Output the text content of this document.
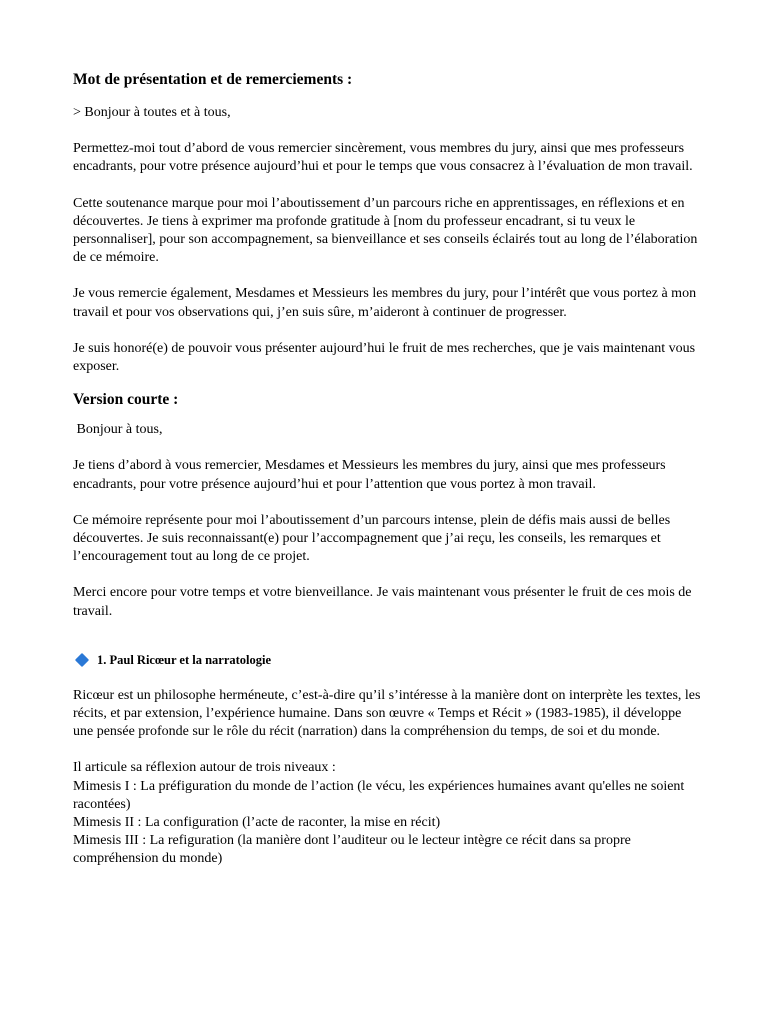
Mot de présentation et de remerciements :

> Bonjour à toutes et à tous,

Permettez-moi tout d’abord de vous remercier sincèrement, vous membres du jury, ainsi que mes professeurs encadrants, pour votre présence aujourd’hui et pour le temps que vous consacrez à l’évaluation de mon travail.

Cette soutenance marque pour moi l’aboutissement d’un parcours riche en apprentissages, en réflexions et en découvertes. Je tiens à exprimer ma profonde gratitude à [nom du professeur encadrant, si tu veux le personnaliser], pour son accompagnement, sa bienveillance et ses conseils éclairés tout au long de l’élaboration de ce mémoire.

Je vous remercie également, Mesdames et Messieurs les membres du jury, pour l’intérêt que vous portez à mon travail et pour vos observations qui, j’en suis sûre, m’aideront à continuer de progresser.

Je suis honoré(e) de pouvoir vous présenter aujourd’hui le fruit de mes recherches, que je vais maintenant vous exposer.

Version courte :

Bonjour à tous,

Je tiens d’abord à vous remercier, Mesdames et Messieurs les membres du jury, ainsi que mes professeurs encadrants, pour votre présence aujourd’hui et pour l’attention que vous portez à mon travail.

Ce mémoire représente pour moi l’aboutissement d’un parcours intense, plein de défis mais aussi de belles découvertes. Je suis reconnaissant(e) pour l’accompagnement que j’ai reçu, les conseils, les remarques et l’encouragement tout au long de ce projet.

Merci encore pour votre temps et votre bienveillance. Je vais maintenant vous présenter le fruit de ces mois de travail.

1. Paul Ricœur et la narratologie

Ricœur est un philosophe herméneute, c’est-à-dire qu’il s’intéresse à la manière dont on interprète les textes, les récits, et par extension, l’expérience humaine. Dans son œuvre « Temps et Récit » (1983-1985), il développe une pensée profonde sur le rôle du récit (narration) dans la compréhension du temps, de soi et du monde.

Il articule sa réflexion autour de trois niveaux :

Mimesis I : La préfiguration du monde de l’action (le vécu, les expériences humaines avant qu'elles ne soient racontées)

Mimesis II : La configuration (l’acte de raconter, la mise en récit)

Mimesis III : La refiguration (la manière dont l’auditeur ou le lecteur intègre ce récit dans sa propre compréhension du monde)
